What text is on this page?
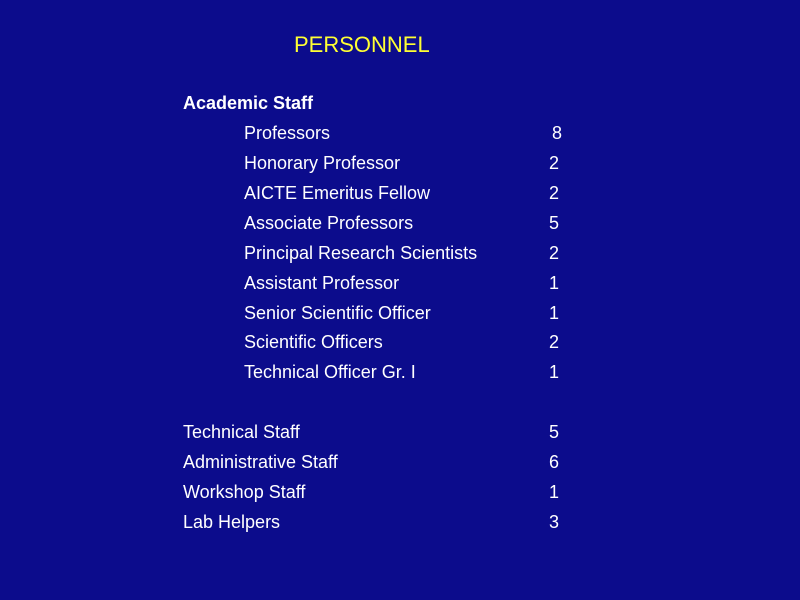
PERSONNEL
Academic Staff
Professors	8
Honorary Professor	2
AICTE Emeritus Fellow	2
Associate Professors	5
Principal Research Scientists	2
Assistant Professor	1
Senior Scientific Officer	1
Scientific Officers	2
Technical Officer Gr. I	1
Technical Staff	5
Administrative Staff	6
Workshop Staff	1
Lab Helpers	3
